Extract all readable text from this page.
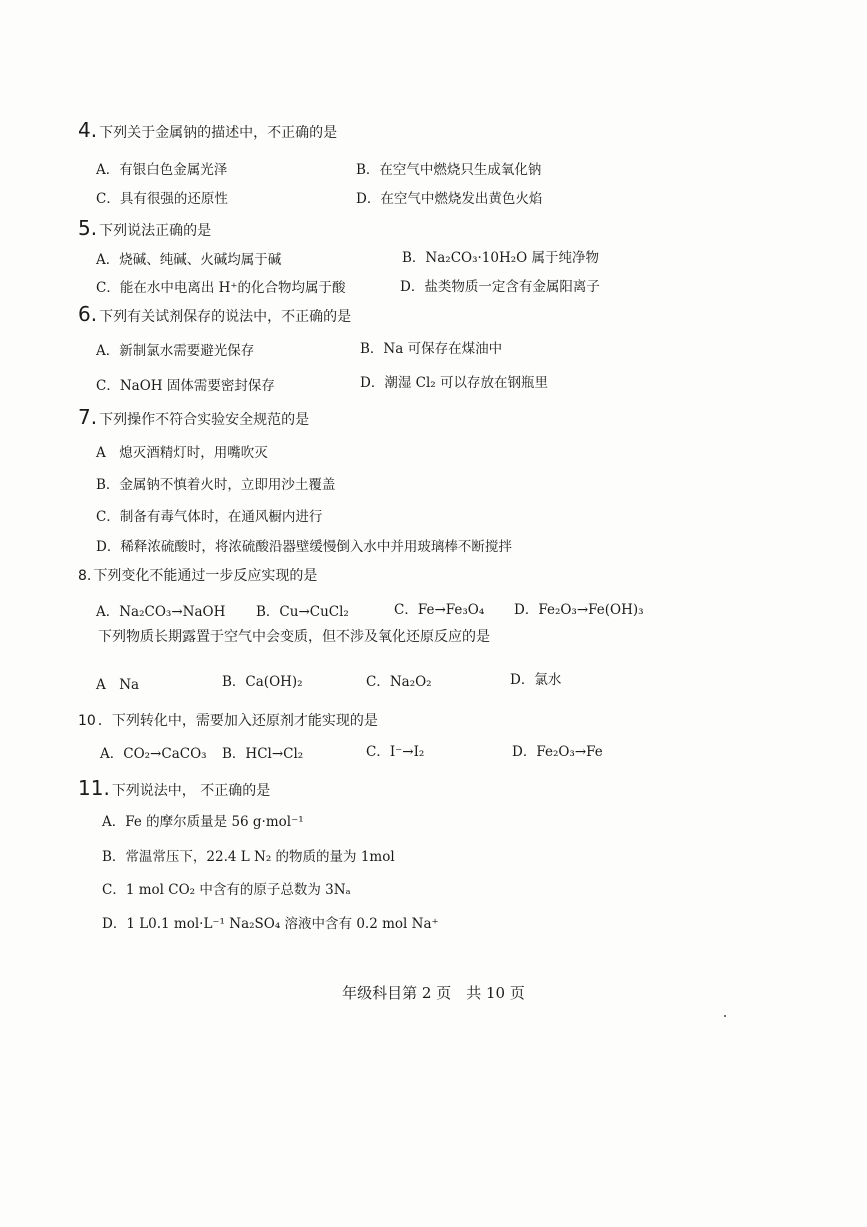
4. 下列关于金属钠的描述中，不正确的是
A．有银白色金属光泽	B．在空气中燃烧只生成氧化钠
C．具有很强的还原性	D．在空气中燃烧发出黄色火焰
5. 下列说法正确的是
A．烧碱、纯碱、火碱均属于碱	B．Na₂CO₃·10H₂O 属于纯净物
C．能在水中电离出 H⁺的化合物均属于酸	D．盐类物质一定含有金属阳离子
6. 下列有关试剂保存的说法中，不正确的是
A．新制氯水需要避光保存	B．Na 可保存在煤油中
C．NaOH 固体需要密封保存	D．潮湿 Cl₂ 可以存放在钢瓶里
7. 下列操作不符合实验安全规范的是
A　熄灭酒精灯时，用嘴吹灭
B．金属钠不慎着火时，立即用沙土覆盖
C．制备有毒气体时，在通风橱内进行
D．稀释浓硫酸时，将浓硫酸沿器壁缓慢倒入水中并用玻璃棒不断搅拌
8. 下列变化不能通过一步反应实现的是
A．Na₂CO₃→NaOH B．Cu→CuCl₂	C．Fe→Fe₃O₄ D．Fe₂O₃→Fe(OH)₃
下列物质长期露置于空气中会变质，但不涉及氧化还原反应的是
A　Na	B．Ca(OH)₂	C．Na₂O₂	D．氯水
10 ．下列转化中，需要加入还原剂才能实现的是
A．CO₂→CaCO₃ B．HCl→Cl₂	C．I⁻→I₂	D．Fe₂O₃→Fe
11. 下列说法中， 不正确的是
A．Fe 的摩尔质量是 56 g·mol⁻¹
B．常温常压下，22.4 L N₂ 的物质的量为 1mol
C．1 mol CO₂ 中含有的原子总数为 3Nₐ
D．1 L0.1 mol·L⁻¹ Na₂SO₄ 溶液中含有 0.2 mol Na⁺
年级科目第 2 页　共 10 页
